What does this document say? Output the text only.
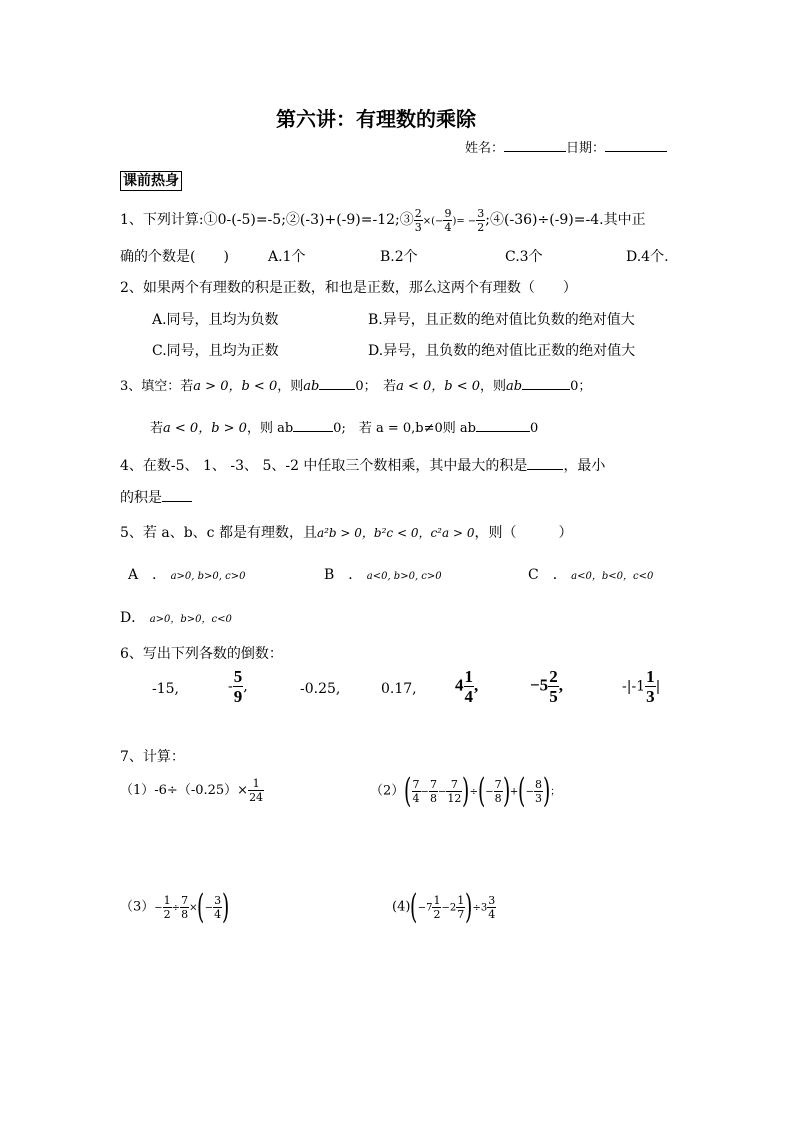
第六讲：有理数的乘除
姓名：	日期：
课前热身
1、下列计算:①0-(-5)=-5;②(-3)+(-9)=-12;③ $\frac{2}{3}$ ×(− $\frac{9}{4}$ )= − $\frac{3}{2}$ ;④(-36)÷(-9)=-4.其中正
确的个数是(　　)	A.1个	B.2个	C.3个	D.4个.
2、如果两个有理数的积是正数，和也是正数，那么这两个有理数（　　）
A.同号，且均为负数	B.异号，且正数的绝对值比负数的绝对值大
C.同号，且均为正数	D.异号，且负数的绝对值比正数的绝对值大
3、填空：若a > 0，b < 0，则ab	0；　若a < 0，b < 0，则ab	0；
若a < 0，b > 0，则 ab	0;　若 a = 0,b≠0则 ab	0
4、在数-5、 1、 -3、 5、-2 中任取三个数相乘，其中最大的积是	，最小
的积是
5、若 a、b、c 都是有理数，且a²b > 0，b²c < 0，c²a > 0，则（　　　）
A　． a>0, b>0, c>0	B　． a<0, b>0, c>0	C　． a<0，b<0，c<0
D． a>0，b>0，c<0
6、写出下列各数的倒数：
-15,	- $\frac{5}{9}$ ,	-0.25,	0.17, $4 \frac{1}{4}$ ,	$-5 \frac{2}{5}$ ,	$-|-1 \frac{1}{3}$ |
7、计算：
$(1)-6\div(-0.25)\times \frac{1}{24}$	$(2)( \frac{7}{4} - \frac{7}{8} - \frac{7}{12}$ )÷(− $\frac{7}{8}$ )+(− $\frac{8}{3}$ )；
$(3)- \frac{1}{2} \div \frac{7}{8}$ ×(− $\frac{3}{4}$ )	$(4)(-7 \frac{1}{2} -2 \frac{1}{7} )\div 3 \frac{3}{4}$
